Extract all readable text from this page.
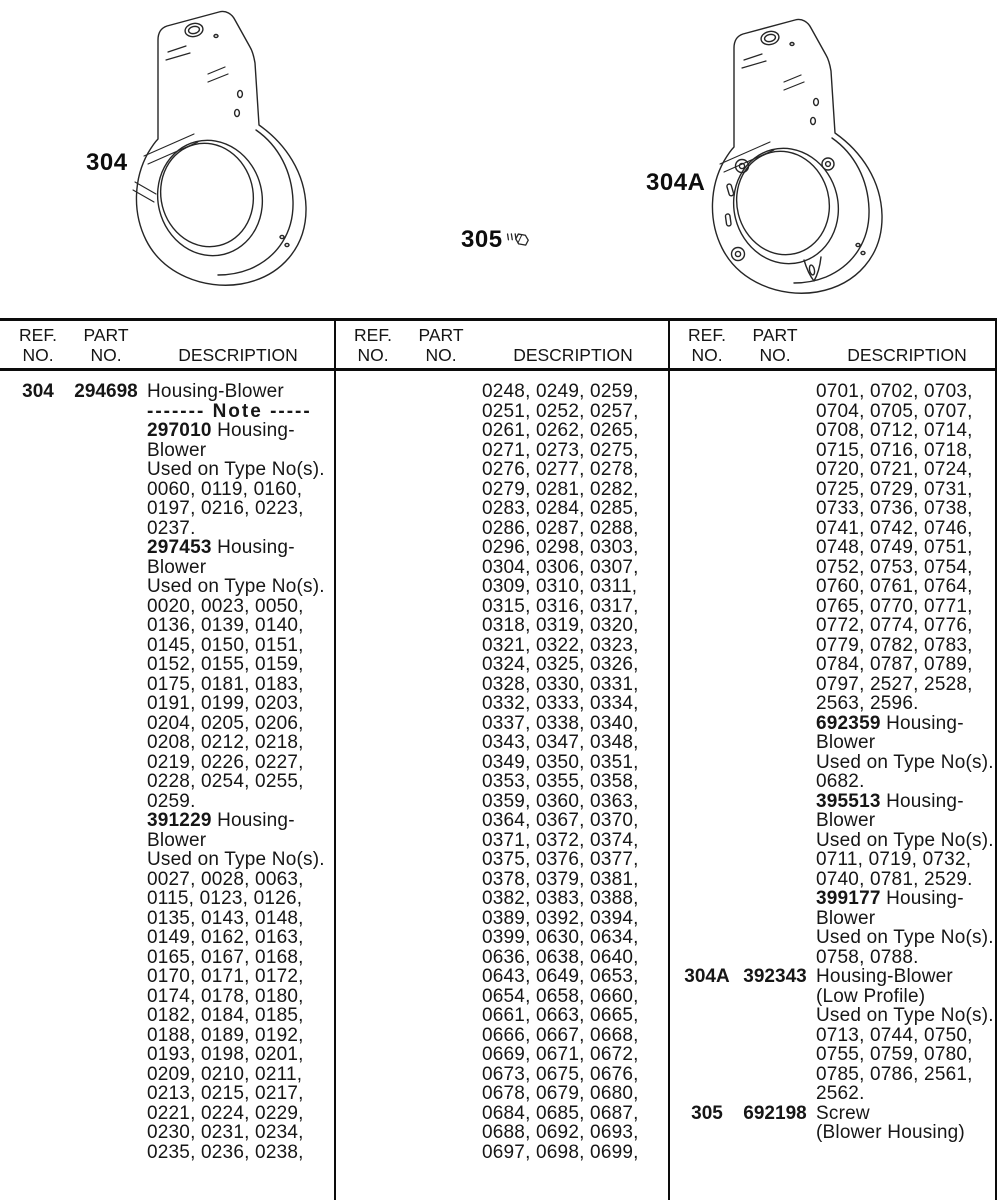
304
305
304A
REF.
NO.
PART
NO.	DESCRIPTION
304	294698 Housing-Blower
------- Note -----
297010 Housing-
Blower
Used on Type No(s).
0060, 0119, 0160,
0197, 0216, 0223,
0237.
297453 Housing-
Blower
Used on Type No(s).
0020, 0023, 0050,
0136, 0139, 0140,
0145, 0150, 0151,
0152, 0155, 0159,
0175, 0181, 0183,
0191, 0199, 0203,
0204, 0205, 0206,
0208, 0212, 0218,
0219, 0226, 0227,
0228, 0254, 0255,
0259.
391229 Housing-
Blower
Used on Type No(s).
0027, 0028, 0063,
0115, 0123, 0126,
0135, 0143, 0148,
0149, 0162, 0163,
0165, 0167, 0168,
0170, 0171, 0172,
0174, 0178, 0180,
0182, 0184, 0185,
0188, 0189, 0192,
0193, 0198, 0201,
0209, 0210, 0211,
0213, 0215, 0217,
0221, 0224, 0229,
0230, 0231, 0234,
0235, 0236, 0238,
REF.
NO.
PART
NO.	DESCRIPTION
0248, 0249, 0259,
0251, 0252, 0257,
0261, 0262, 0265,
0271, 0273, 0275,
0276, 0277, 0278,
0279, 0281, 0282,
0283, 0284, 0285,
0286, 0287, 0288,
0296, 0298, 0303,
0304, 0306, 0307,
0309, 0310, 0311,
0315, 0316, 0317,
0318, 0319, 0320,
0321, 0322, 0323,
0324, 0325, 0326,
0328, 0330, 0331,
0332, 0333, 0334,
0337, 0338, 0340,
0343, 0347, 0348,
0349, 0350, 0351,
0353, 0355, 0358,
0359, 0360, 0363,
0364, 0367, 0370,
0371, 0372, 0374,
0375, 0376, 0377,
0378, 0379, 0381,
0382, 0383, 0388,
0389, 0392, 0394,
0399, 0630, 0634,
0636, 0638, 0640,
0643, 0649, 0653,
0654, 0658, 0660,
0661, 0663, 0665,
0666, 0667, 0668,
0669, 0671, 0672,
0673, 0675, 0676,
0678, 0679, 0680,
0684, 0685, 0687,
0688, 0692, 0693,
0697, 0698, 0699,
REF.
NO.
PART
NO.	DESCRIPTION
0701, 0702, 0703,
0704, 0705, 0707,
0708, 0712, 0714,
0715, 0716, 0718,
0720, 0721, 0724,
0725, 0729, 0731,
0733, 0736, 0738,
0741, 0742, 0746,
0748, 0749, 0751,
0752, 0753, 0754,
0760, 0761, 0764,
0765, 0770, 0771,
0772, 0774, 0776,
0779, 0782, 0783,
0784, 0787, 0789,
0797, 2527, 2528,
2563, 2596.
692359 Housing-
Blower
Used on Type No(s).
0682.
395513 Housing-
Blower
Used on Type No(s).
0711, 0719, 0732,
0740, 0781, 2529.
399177 Housing-
Blower
Used on Type No(s).
0758, 0788.
304A 392343 Housing-Blower
(Low Profile)
Used on Type No(s).
0713, 0744, 0750,
0755, 0759, 0780,
0785, 0786, 2561,
2562.
305	692198 Screw
(Blower Housing)
